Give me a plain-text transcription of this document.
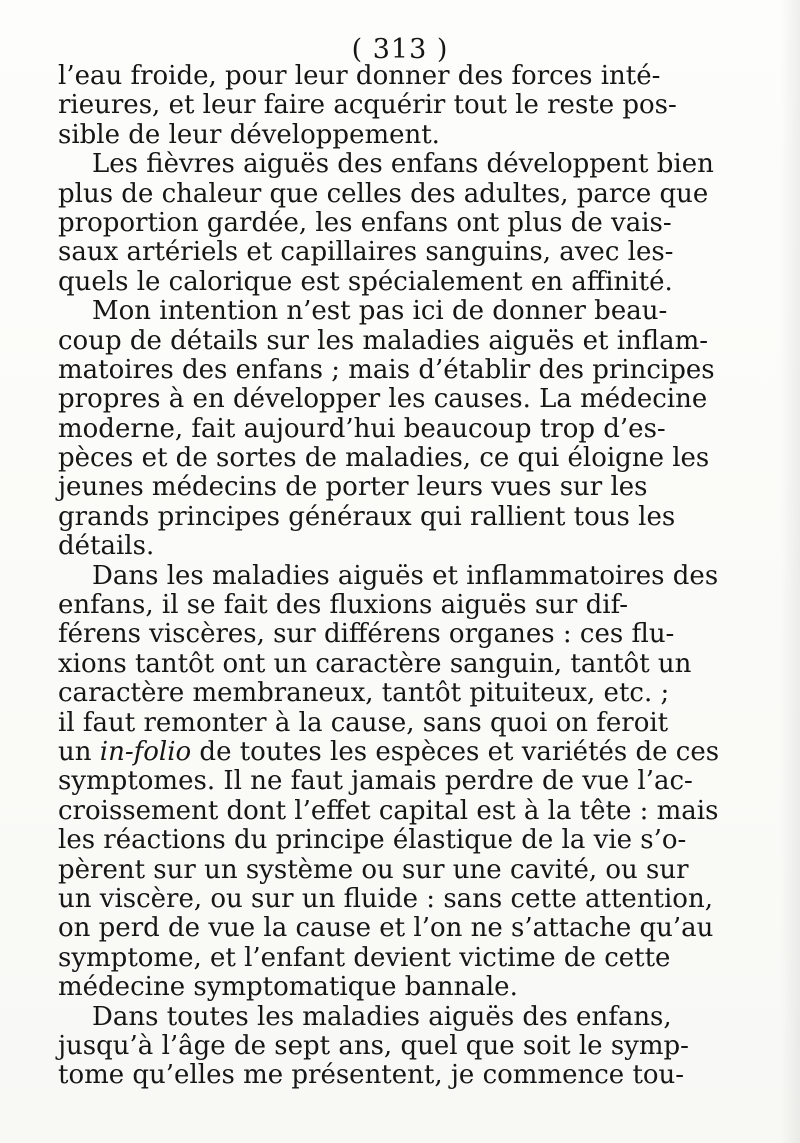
( 313 )
l’eau froide, pour leur donner des forces inté-
rieures, et leur faire acquérir tout le reste pos-
sible de leur développement.
Les fièvres aiguës des enfans développent bien
plus de chaleur que celles des adultes, parce que
proportion gardée, les enfans ont plus de vais-
saux artériels et capillaires sanguins, avec les-
quels le calorique est spécialement en affinité.
Mon intention n’est pas ici de donner beau-
coup de détails sur les maladies aiguës et inflam-
matoires des enfans ; mais d’établir des principes
propres à en développer les causes. La médecine
moderne, fait aujourd’hui beaucoup trop d’es-
pèces et de sortes de maladies, ce qui éloigne les
jeunes médecins de porter leurs vues sur les
grands principes généraux qui rallient tous les
détails.
Dans les maladies aiguës et inflammatoires des
enfans, il se fait des fluxions aiguës sur dif-
férens viscères, sur différens organes : ces flu-
xions tantôt ont un caractère sanguin, tantôt un
caractère membraneux, tantôt pituiteux, etc. ;
il faut remonter à la cause, sans quoi on feroit
un in-folio de toutes les espèces et variétés de ces
symptomes. Il ne faut jamais perdre de vue l’ac-
croissement dont l’effet capital est à la tête : mais
les réactions du principe élastique de la vie s’o-
pèrent sur un système ou sur une cavité, ou sur
un viscère, ou sur un fluide : sans cette attention,
on perd de vue la cause et l’on ne s’attache qu’au
symptome, et l’enfant devient victime de cette
médecine symptomatique bannale.
Dans toutes les maladies aiguës des enfans,
jusqu’à l’âge de sept ans, quel que soit le symp-
tome qu’elles me présentent, je commence tou-
